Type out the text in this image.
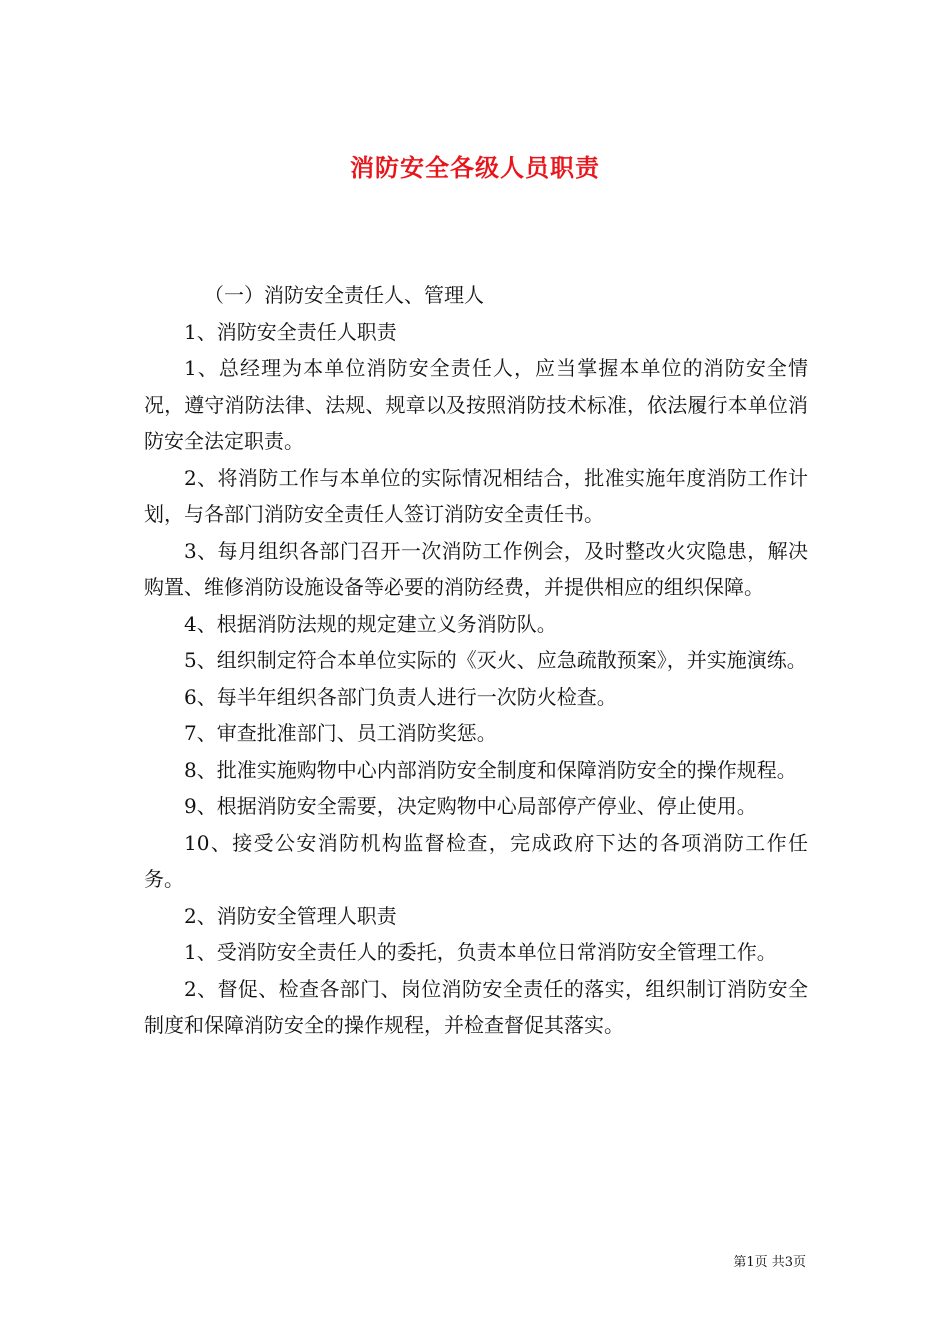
消防安全各级人员职责

（一）消防安全责任人、管理人

1、消防安全责任人职责

1、总经理为本单位消防安全责任人，应当掌握本单位的消防安全情况，遵守消防法律、法规、规章以及按照消防技术标准，依法履行本单位消防安全法定职责。

2、将消防工作与本单位的实际情况相结合，批准实施年度消防工作计划，与各部门消防安全责任人签订消防安全责任书。

3、每月组织各部门召开一次消防工作例会，及时整改火灾隐患，解决购置、维修消防设施设备等必要的消防经费，并提供相应的组织保障。

4、根据消防法规的规定建立义务消防队。

5、组织制定符合本单位实际的《灭火、应急疏散预案》，并实施演练。

6、每半年组织各部门负责人进行一次防火检查。

7、审查批准部门、员工消防奖惩。

8、批准实施购物中心内部消防安全制度和保障消防安全的操作规程。

9、根据消防安全需要，决定购物中心局部停产停业、停止使用。

10、接受公安消防机构监督检查，完成政府下达的各项消防工作任务。

2、消防安全管理人职责

1、受消防安全责任人的委托，负责本单位日常消防安全管理工作。

2、督促、检查各部门、岗位消防安全责任的落实，组织制订消防安全制度和保障消防安全的操作规程，并检查督促其落实。

第1页 共3页
